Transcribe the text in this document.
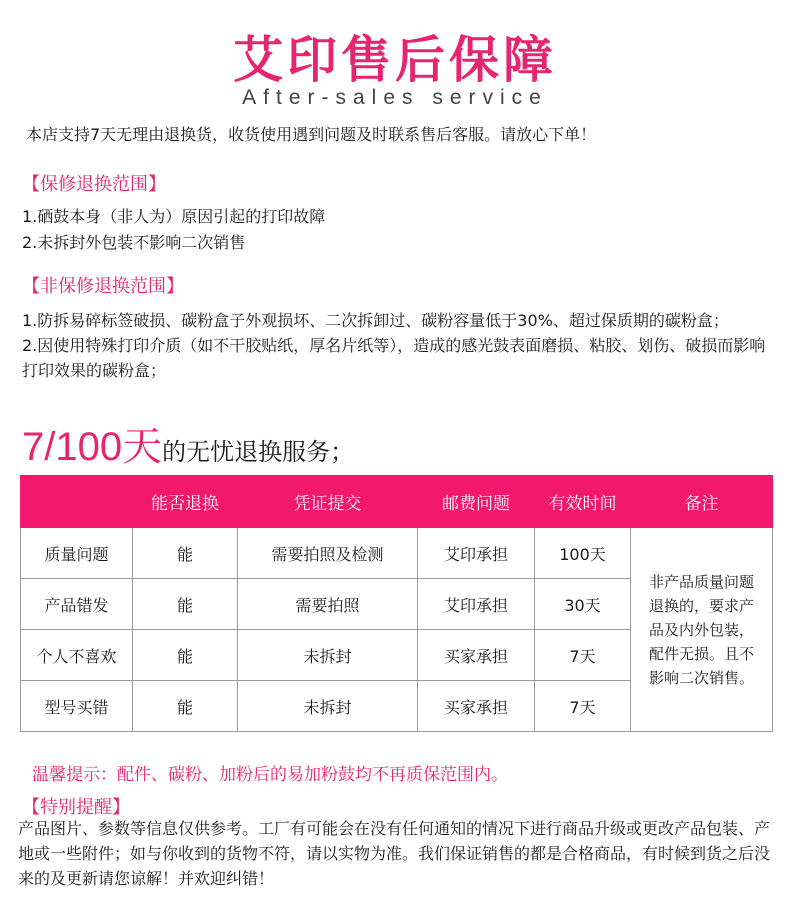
艾印售后保障
After-sales service
本店支持7天无理由退换货，收货使用遇到问题及时联系售后客服。请放心下单！
【保修退换范围】
1.硒鼓本身（非人为）原因引起的打印故障
2.未拆封外包装不影响二次销售
【非保修退换范围】
1.防拆易碎标签破损、碳粉盒子外观损坏、二次拆卸过、碳粉容量低于30%、超过保质期的碳粉盒；
2.因使用特殊打印介质（如不干胶贴纸，厚名片纸等），造成的感光鼓表面磨损、粘胶、划伤、破损而影响打印效果的碳粉盒；
7/100天的无忧退换服务；
	能否退换	凭证提交	邮费问题	有效时间	备注
质量问题	能	需要拍照及检测	艾印承担	100天	非产品质量问题退换的，要求产品及内外包装，配件无损。且不影响二次销售。
产品错发	能	需要拍照	艾印承担	30天	
个人不喜欢	能	未拆封	买家承担	7天	
型号买错	能	未拆封	买家承担	7天	
温馨提示：配件、碳粉、加粉后的易加粉鼓均不再质保范围内。
【特别提醒】
产品图片、参数等信息仅供参考。工厂有可能会在没有任何通知的情况下进行商品升级或更改产品包装、产地或一些附件；如与你收到的货物不符，请以实物为准。我们保证销售的都是合格商品，有时候到货之后没来的及更新请您谅解！并欢迎纠错！
